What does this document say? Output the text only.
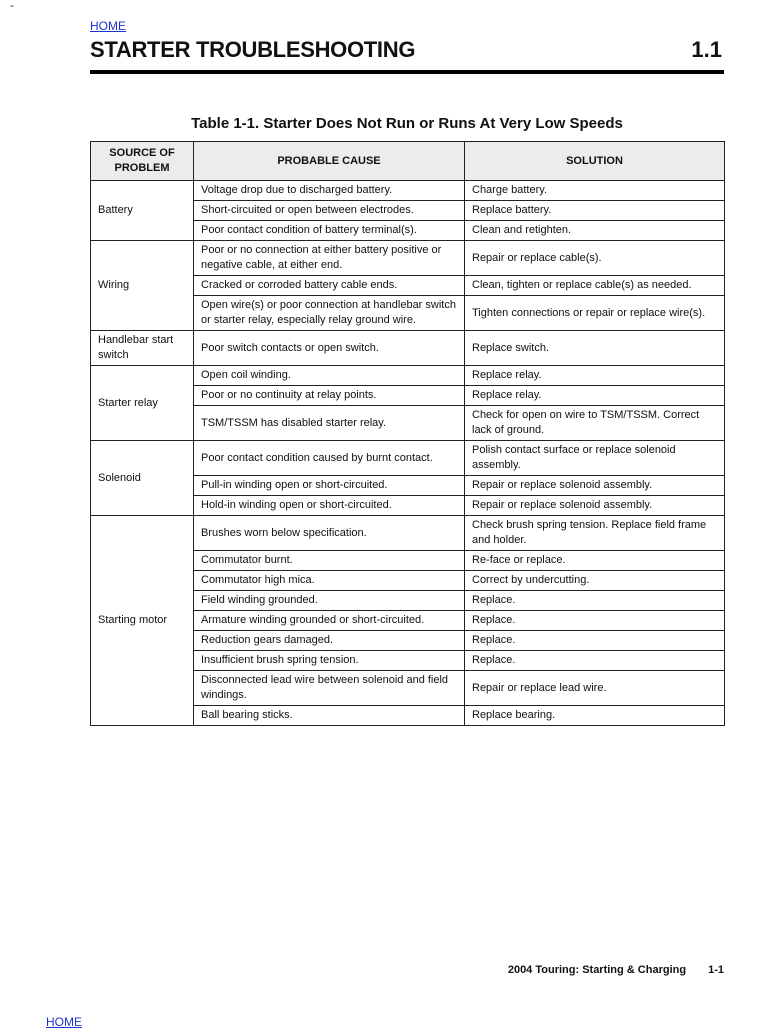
-
HOME
STARTER TROUBLESHOOTING	1.1
Table 1-1. Starter Does Not Run or Runs At Very Low Speeds
SOURCE OF PROBLEM	PROBABLE CAUSE	SOLUTION
Battery	Voltage drop due to discharged battery.	Charge battery.
	Short-circuited or open between electrodes.	Replace battery.
	Poor contact condition of battery terminal(s).	Clean and retighten.
Wiring	Poor or no connection at either battery positive or negative cable, at either end.	Repair or replace cable(s).
	Cracked or corroded battery cable ends.	Clean, tighten or replace cable(s) as needed.
	Open wire(s) or poor connection at handlebar switch or starter relay, especially relay ground wire.	Tighten connections or repair or replace wire(s).
Handlebar start switch	Poor switch contacts or open switch.	Replace switch.
Starter relay	Open coil winding.	Replace relay.
	Poor or no continuity at relay points.	Replace relay.
	TSM/TSSM has disabled starter relay.	Check for open on wire to TSM/TSSM. Correct lack of ground.
Solenoid	Poor contact condition caused by burnt contact.	Polish contact surface or replace solenoid assembly.
	Pull-in winding open or short-circuited.	Repair or replace solenoid assembly.
	Hold-in winding open or short-circuited.	Repair or replace solenoid assembly.
Starting motor	Brushes worn below specification.	Check brush spring tension. Replace field frame and holder.
	Commutator burnt.	Re-face or replace.
	Commutator high mica.	Correct by undercutting.
	Field winding grounded.	Replace.
	Armature winding grounded or short-circuited.	Replace.
	Reduction gears damaged.	Replace.
	Insufficient brush spring tension.	Replace.
	Disconnected lead wire between solenoid and field windings.	Repair or replace lead wire.
	Ball bearing sticks.	Replace bearing.
2004 Touring: Starting & Charging 1-1
HOME
